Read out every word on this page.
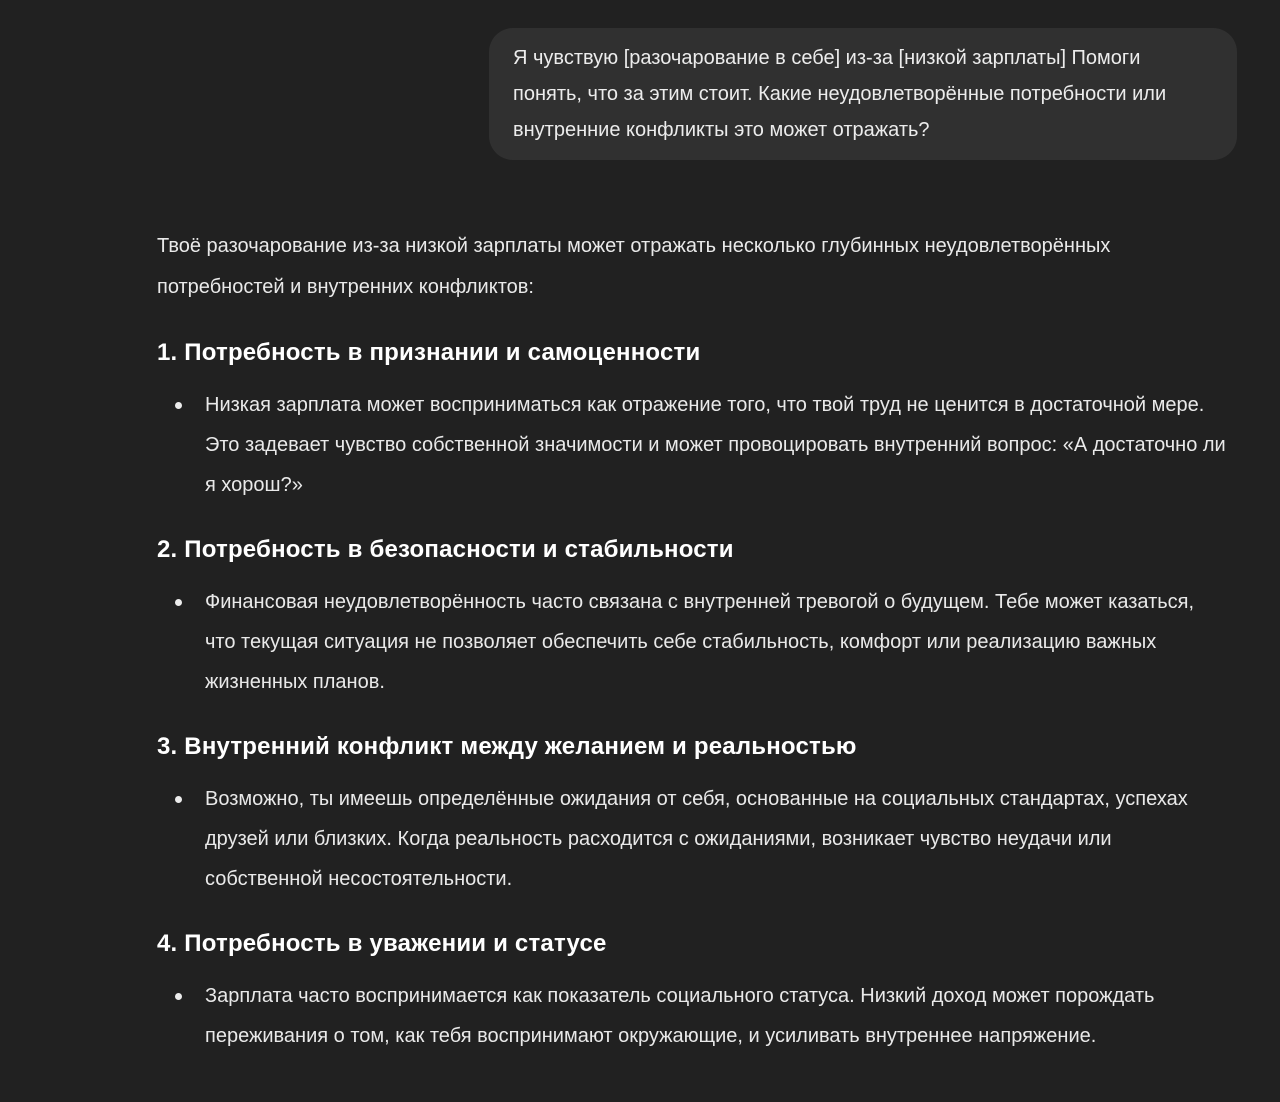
Я чувствую [разочарование в себе] из-за [низкой зарплаты] Помоги понять, что за этим стоит. Какие неудовлетворённые потребности или внутренние конфликты это может отражать?

Твоё разочарование из-за низкой зарплаты может отражать несколько глубинных неудовлетворённых потребностей и внутренних конфликтов:

1. Потребность в признании и самоценности
Низкая зарплата может восприниматься как отражение того, что твой труд не ценится в достаточной мере. Это задевает чувство собственной значимости и может провоцировать внутренний вопрос: «А достаточно ли я хорош?»
2. Потребность в безопасности и стабильности
Финансовая неудовлетворённость часто связана с внутренней тревогой о будущем. Тебе может казаться, что текущая ситуация не позволяет обеспечить себе стабильность, комфорт или реализацию важных жизненных планов.
3. Внутренний конфликт между желанием и реальностью
Возможно, ты имеешь определённые ожидания от себя, основанные на социальных стандартах, успехах друзей или близких. Когда реальность расходится с ожиданиями, возникает чувство неудачи или собственной несостоятельности.
4. Потребность в уважении и статусе
Зарплата часто воспринимается как показатель социального статуса. Низкий доход может порождать переживания о том, как тебя воспринимают окружающие, и усиливать внутреннее напряжение.
